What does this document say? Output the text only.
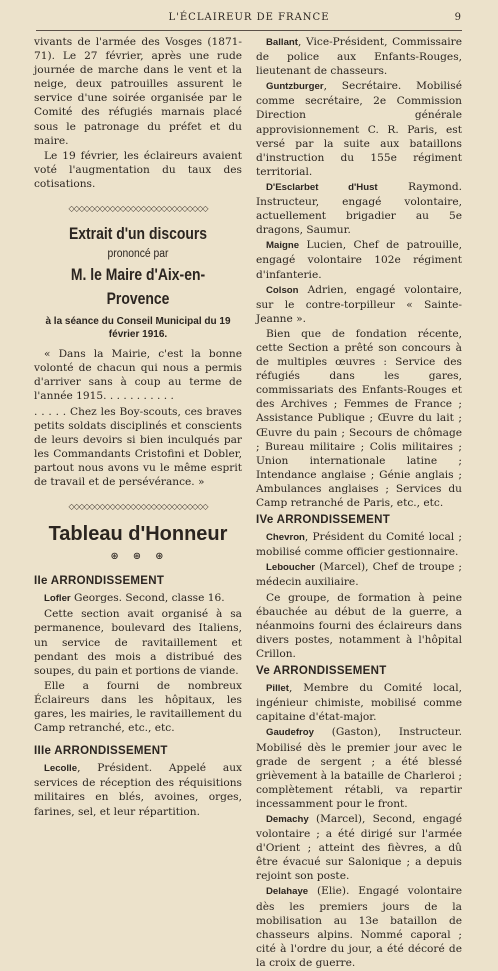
L'ÉCLAIREUR DE FRANCE	9

vivants de l'armée des Vosges (1871-71). Le 27 février, après une rude journée de marche dans le vent et la neige, deux patrouilles assurent le service d'une soirée organisée par le Comité des réfugiés marnais placé sous le patronage du préfet et du maire.

Le 19 février, les éclaireurs avaient voté l'augmentation du taux des cotisations.

◇◇◇◇◇◇◇◇◇◇◇◇◇◇◇◇◇◇◇◇◇◇◇◇◇◇◇
Extrait d'un discours
prononcé par
M. le Maire d'Aix-en-Provence
à la séance du Conseil Municipal du 19 février 1916.

« Dans la Mairie, c'est la bonne volonté de chacun qui nous a permis d'arriver sans à coup au terme de l'année 1915. . . . . . . . . . .

. . . . . Chez les Boy-scouts, ces braves petits soldats disciplinés et conscients de leurs devoirs si bien inculqués par les Commandants Cristofini et Dobler, partout nous avons vu le même esprit de travail et de persévérance. »

◇◇◇◇◇◇◇◇◇◇◇◇◇◇◇◇◇◇◇◇◇◇◇◇◇◇◇
Tableau d'Honneur
⊛⊛⊛
IIe ARRONDISSEMENT

Lofler Georges. Second, classe 16.

Cette section avait organisé à sa permanence, boulevard des Italiens, un service de ravitaillement et pendant des mois a distribué des soupes, du pain et portions de viande.

Elle a fourni de nombreux Éclaireurs dans les hôpitaux, les gares, les mairies, le ravitaillement du Camp retranché, etc., etc.

IIIe ARRONDISSEMENT

Lecolle, Président. Appelé aux services de réception des réquisitions militaires en blés, avoines, orges, farines, sel, et leur répartition.

Ballant, Vice-Président, Commissaire de police aux Enfants-Rouges, lieutenant de chasseurs.

Guntzburger, Secrétaire. Mobilisé comme secrétaire, 2e Commission Direction générale approvisionnement C. R. Paris, est versé par la suite aux bataillons d'instruction du 155e régiment territorial.

D'Esclarbet d'Hust Raymond. Instructeur, engagé volontaire, actuellement brigadier au 5e dragons, Saumur.

Maigne Lucien, Chef de patrouille, engagé volontaire 102e régiment d'infanterie.

Colson Adrien, engagé volontaire, sur le contre-torpilleur « Sainte-Jeanne ».

Bien que de fondation récente, cette Section a prêté son concours à de multiples œuvres : Service des réfugiés dans les gares, commissariats des Enfants-Rouges et des Archives ; Femmes de France ; Assistance Publique ; Œuvre du lait ; Œuvre du pain ; Secours de chômage ; Bureau militaire ; Colis militaires ; Union internationale latine ; Intendance anglaise ; Génie anglais ; Ambulances anglaises ; Services du Camp retranché de Paris, etc., etc.

IVe ARRONDISSEMENT

Chevron, Président du Comité local ; mobilisé comme officier gestionnaire.

Leboucher (Marcel), Chef de troupe ; médecin auxiliaire.

Ce groupe, de formation à peine ébauchée au début de la guerre, a néanmoins fourni des éclaireurs dans divers postes, notamment à l'hôpital Crillon.

Ve ARRONDISSEMENT

Pillet, Membre du Comité local, ingénieur chimiste, mobilisé comme capitaine d'état-major.

Gaudefroy (Gaston), Instructeur. Mobilisé dès le premier jour avec le grade de sergent ; a été blessé grièvement à la bataille de Charleroi ; complètement rétabli, va repartir incessamment pour le front.

Demachy (Marcel), Second, engagé volontaire ; a été dirigé sur l'armée d'Orient ; atteint des fièvres, a dû être évacué sur Salonique ; a depuis rejoint son poste.

Delahaye (Elie). Engagé volontaire dès les premiers jours de la mobilisation au 13e bataillon de chasseurs alpins. Nommé caporal ; cité à l'ordre du jour, a été décoré de la croix de guerre.
